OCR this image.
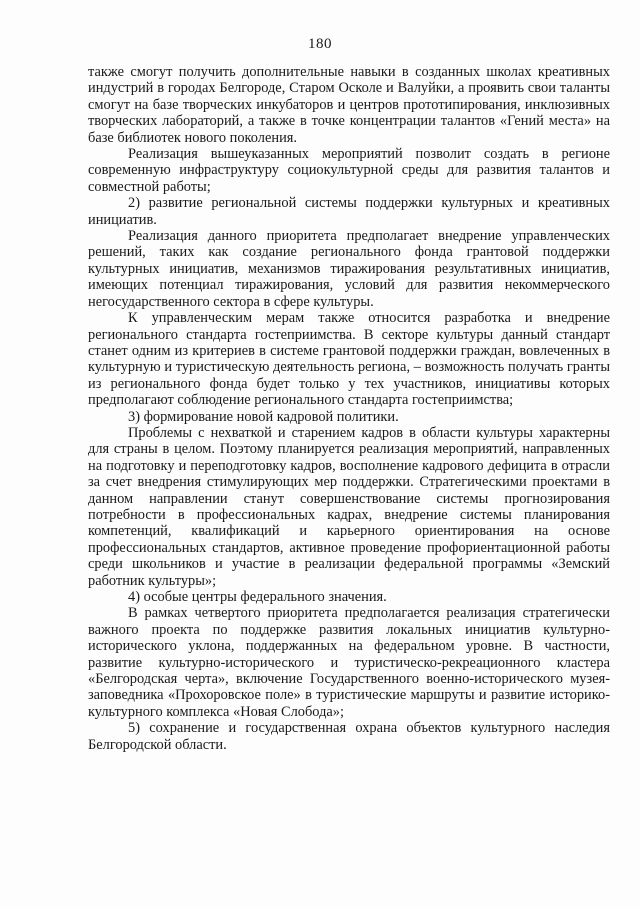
180

также смогут получить дополнительные навыки в созданных школах креативных индустрий в городах Белгороде, Старом Осколе и Валуйки, а проявить свои таланты смогут на базе творческих инкубаторов и центров прототипирования, инклюзивных творческих лабораторий, а также в точке концентрации талантов «Гений места» на базе библиотек нового поколения.

Реализация вышеуказанных мероприятий позволит создать в регионе современную инфраструктуру социокультурной среды для развития талантов и совместной работы;

2) развитие региональной системы поддержки культурных и креативных инициатив.

Реализация данного приоритета предполагает внедрение управленческих решений, таких как создание регионального фонда грантовой поддержки культурных инициатив, механизмов тиражирования результативных инициатив, имеющих потенциал тиражирования, условий для развития некоммерческого негосударственного сектора в сфере культуры.

К управленческим мерам также относится разработка и внедрение регионального стандарта гостеприимства. В секторе культуры данный стандарт станет одним из критериев в системе грантовой поддержки граждан, вовлеченных в культурную и туристическую деятельность региона, – возможность получать гранты из регионального фонда будет только у тех участников, инициативы которых предполагают соблюдение регионального стандарта гостеприимства;

3) формирование новой кадровой политики.

Проблемы с нехваткой и старением кадров в области культуры характерны для страны в целом. Поэтому планируется реализация мероприятий, направленных на подготовку и переподготовку кадров, восполнение кадрового дефицита в отрасли за счет внедрения стимулирующих мер поддержки. Стратегическими проектами в данном направлении станут совершенствование системы прогнозирования потребности в профессиональных кадрах, внедрение системы планирования компетенций, квалификаций и карьерного ориентирования на основе профессиональных стандартов, активное проведение профориентационной работы среди школьников и участие в реализации федеральной программы «Земский работник культуры»;

4) особые центры федерального значения.

В рамках четвертого приоритета предполагается реализация стратегически важного проекта по поддержке развития локальных инициатив культурно-исторического уклона, поддержанных на федеральном уровне. В частности, развитие культурно-исторического и туристическо-рекреационного кластера «Белгородская черта», включение Государственного военно-исторического музея-заповедника «Прохоровское поле» в туристические маршруты и развитие историко-культурного комплекса «Новая Слобода»;

5) сохранение и государственная охрана объектов культурного наследия Белгородской области.
